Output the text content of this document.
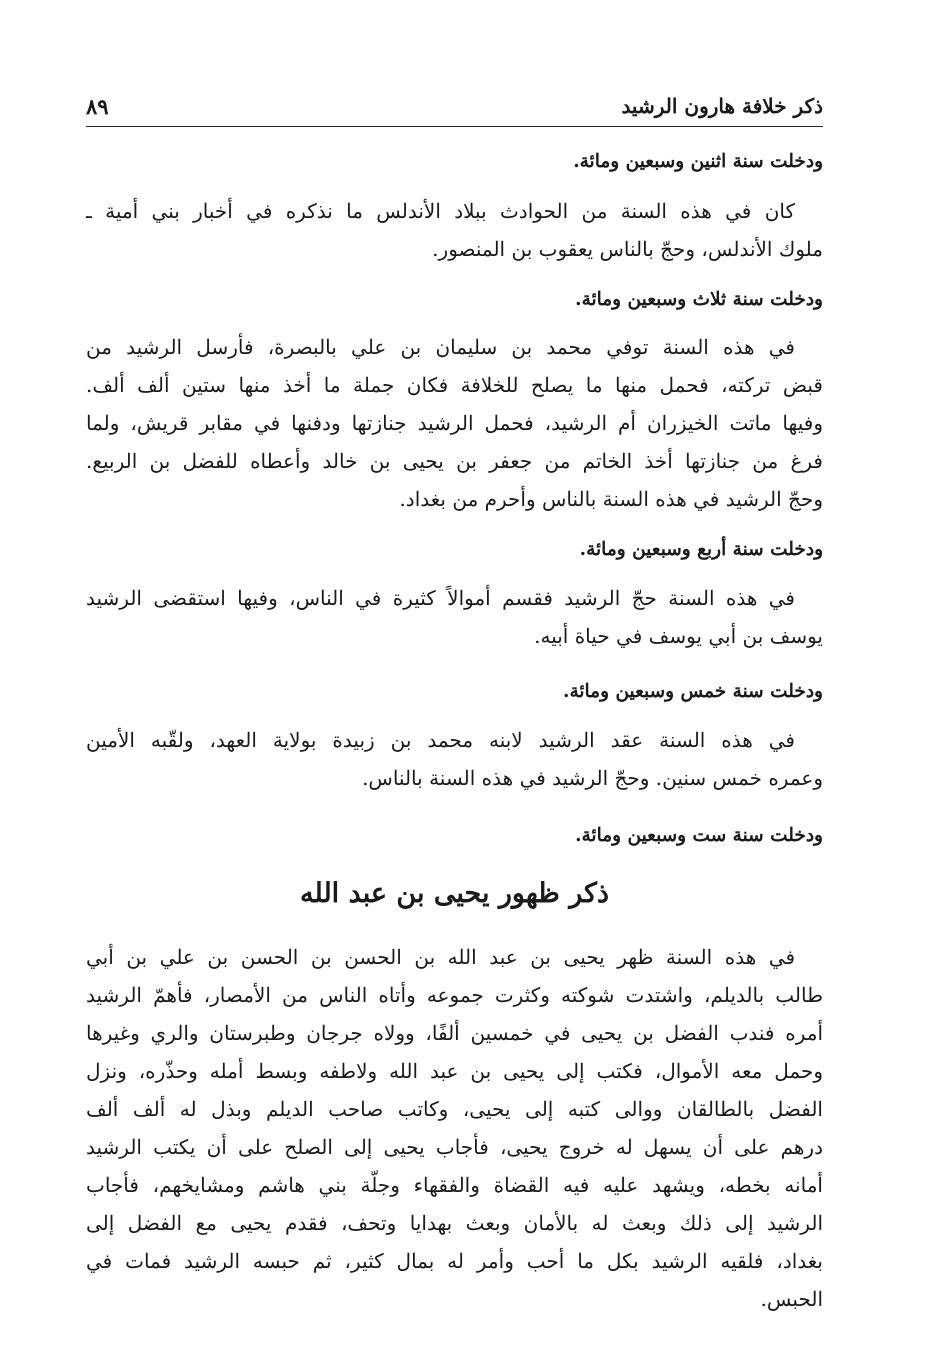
ذكر خلافة هارون الرشيد
٨٩

ودخلت سنة اثنين وسبعين ومائة.

كان في هذه السنة من الحوادث ببلاد الأندلس ما نذكره في أخبار بني أمية ـ
ملوك الأندلس، وحجّ بالناس يعقوب بن المنصور.

ودخلت سنة ثلاث وسبعين ومائة.

في هذه السنة توفي محمد بن سليمان بن علي بالبصرة، فأرسل الرشيد من
قبض تركته، فحمل منها ما يصلح للخلافة فكان جملة ما أخذ منها ستين ألف ألف.
وفيها ماتت الخيزران أم الرشيد، فحمل الرشيد جنازتها ودفنها في مقابر قريش، ولما
فرغ من جنازتها أخذ الخاتم من جعفر بن يحيى بن خالد وأعطاه للفضل بن الربيع.
وحجّ الرشيد في هذه السنة بالناس وأحرم من بغداد.

ودخلت سنة أربع وسبعين ومائة.

في هذه السنة حجّ الرشيد فقسم أموالاً كثيرة في الناس، وفيها استقضى الرشيد
يوسف بن أبي يوسف في حياة أبيه.

ودخلت سنة خمس وسبعين ومائة.

في هذه السنة عقد الرشيد لابنه محمد بن زبيدة بولاية العهد، ولقّبه الأمين
وعمره خمس سنين. وحجّ الرشيد في هذه السنة بالناس.

ودخلت سنة ست وسبعين ومائة.

ذكر ظهور يحيى بن عبد الله

في هذه السنة ظهر يحيى بن عبد الله بن الحسن بن الحسن بن علي بن أبي
طالب بالديلم، واشتدت شوكته وكثرت جموعه وأتاه الناس من الأمصار، فأهمّ الرشيد
أمره فندب الفضل بن يحيى في خمسين ألفًا، وولاه جرجان وطبرستان والري وغيرها
وحمل معه الأموال، فكتب إلى يحيى بن عبد الله ولاطفه وبسط أمله وحذّره، ونزل
الفضل بالطالقان ووالى كتبه إلى يحيى، وكاتب صاحب الديلم وبذل له ألف ألف
درهم على أن يسهل له خروج يحيى، فأجاب يحيى إلى الصلح على أن يكتب الرشيد
أمانه بخطه، ويشهد عليه فيه القضاة والفقهاء وجلّة بني هاشم ومشايخهم، فأجاب
الرشيد إلى ذلك وبعث له بالأمان وبعث بهدايا وتحف، فقدم يحيى مع الفضل إلى
بغداد، فلقيه الرشيد بكل ما أحب وأمر له بمال كثير، ثم حبسه الرشيد فمات في
الحبس.
